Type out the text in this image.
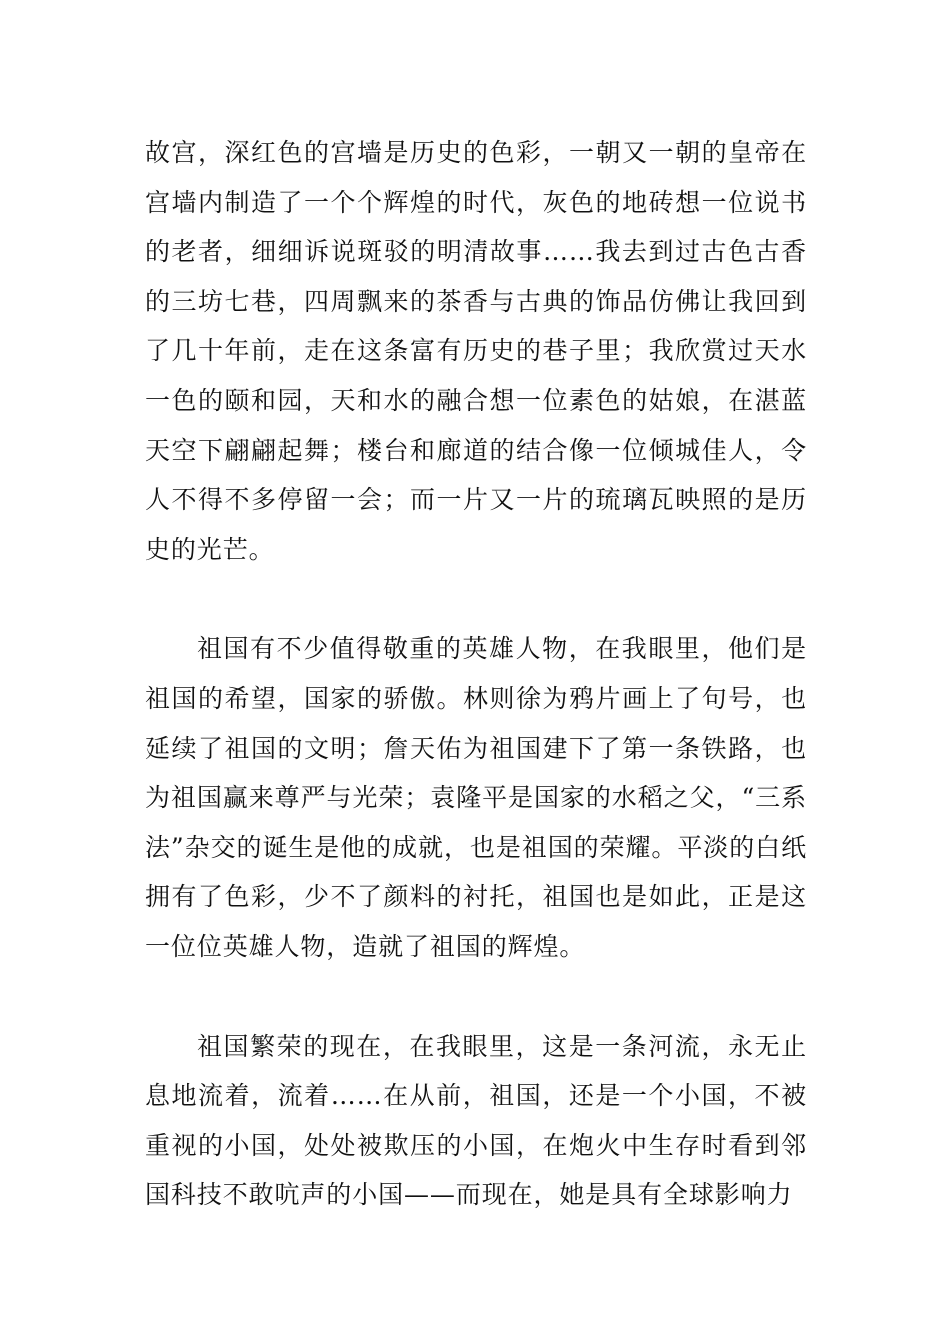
故宫，深红色的宫墙是历史的色彩，一朝又一朝的皇帝在宫墙内制造了一个个辉煌的时代，灰色的地砖想一位说书的老者，细细诉说斑驳的明清故事……我去到过古色古香的三坊七巷，四周飘来的茶香与古典的饰品仿佛让我回到了几十年前，走在这条富有历史的巷子里；我欣赏过天水一色的颐和园，天和水的融合想一位素色的姑娘，在湛蓝天空下翩翩起舞；楼台和廊道的结合像一位倾城佳人，令人不得不多停留一会；而一片又一片的琉璃瓦映照的是历史的光芒。

祖国有不少值得敬重的英雄人物，在我眼里，他们是祖国的希望，国家的骄傲。林则徐为鸦片画上了句号，也延续了祖国的文明；詹天佑为祖国建下了第一条铁路，也为祖国赢来尊严与光荣；袁隆平是国家的水稻之父，“三系法”杂交的诞生是他的成就，也是祖国的荣耀。平淡的白纸拥有了色彩，少不了颜料的衬托，祖国也是如此，正是这一位位英雄人物，造就了祖国的辉煌。

祖国繁荣的现在，在我眼里，这是一条河流，永无止息地流着，流着……在从前，祖国，还是一个小国，不被重视的小国，处处被欺压的小国，在炮火中生存时看到邻国科技不敢吭声的小国——而现在，她是具有全球影响力
